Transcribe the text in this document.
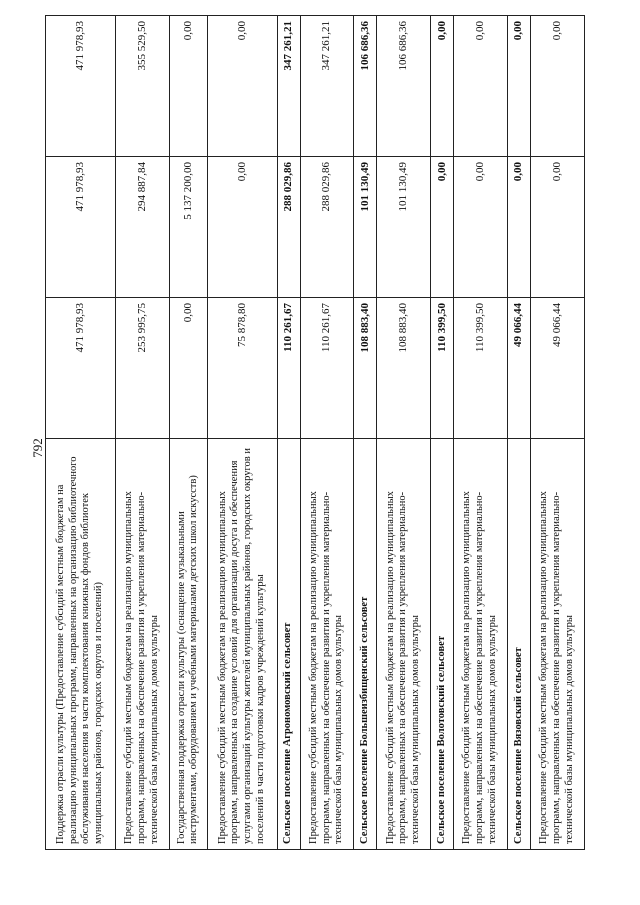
792
Поддержка отрасли культуры (Предоставление субсидий местным бюджетам на реализацию муниципальных программ, направленных на организацию библиотечного обслуживания населения в части комплектования книжных фондов библиотек муниципальных районов, городских округов и поселений)	471 978,93	471 978,93	471 978,93
Предоставление субсидий местным бюджетам на реализацию муниципальных программ, направленных на обеспечение развития и укрепления материально-технической базы муниципальных домов культуры	253 995,75	294 887,84	355 529,50
Государственная поддержка отрасли культуры (оснащение музыкальными инструментами, оборудованием и учебными материалами детских школ искусств)	0,00	5 137 200,00	0,00
Предоставление субсидий местным бюджетам на реализацию муниципальных программ, направленных на создание условий для организации досуга и обеспечения услугами организаций культуры жителей муниципальных районов, городских округов и поселений в части подготовки кадров учреждений культуры	75 878,80	0,00	0,00
Сельское поселение Агрономовский сельсовет	110 261,67	288 029,86	347 261,21
Предоставление субсидий местным бюджетам на реализацию муниципальных программ, направленных на обеспечение развития и укрепления материально-технической базы муниципальных домов культуры	110 261,67	288 029,86	347 261,21
Сельское поселение Большеизбищенский сельсовет	108 883,40	101 130,49	106 686,36
Предоставление субсидий местным бюджетам на реализацию муниципальных программ, направленных на обеспечение развития и укрепления материально-технической базы муниципальных домов культуры	108 883,40	101 130,49	106 686,36
Сельское поселение Волотовский сельсовет	110 399,50	0,00	0,00
Предоставление субсидий местным бюджетам на реализацию муниципальных программ, направленных на обеспечение развития и укрепления материально-технической базы муниципальных домов культуры	110 399,50	0,00	0,00
Сельское поселение Вязовский сельсовет	49 066,44	0,00	0,00
Предоставление субсидий местным бюджетам на реализацию муниципальных программ, направленных на обеспечение развития и укрепления материально-технической базы муниципальных домов культуры	49 066,44	0,00	0,00
